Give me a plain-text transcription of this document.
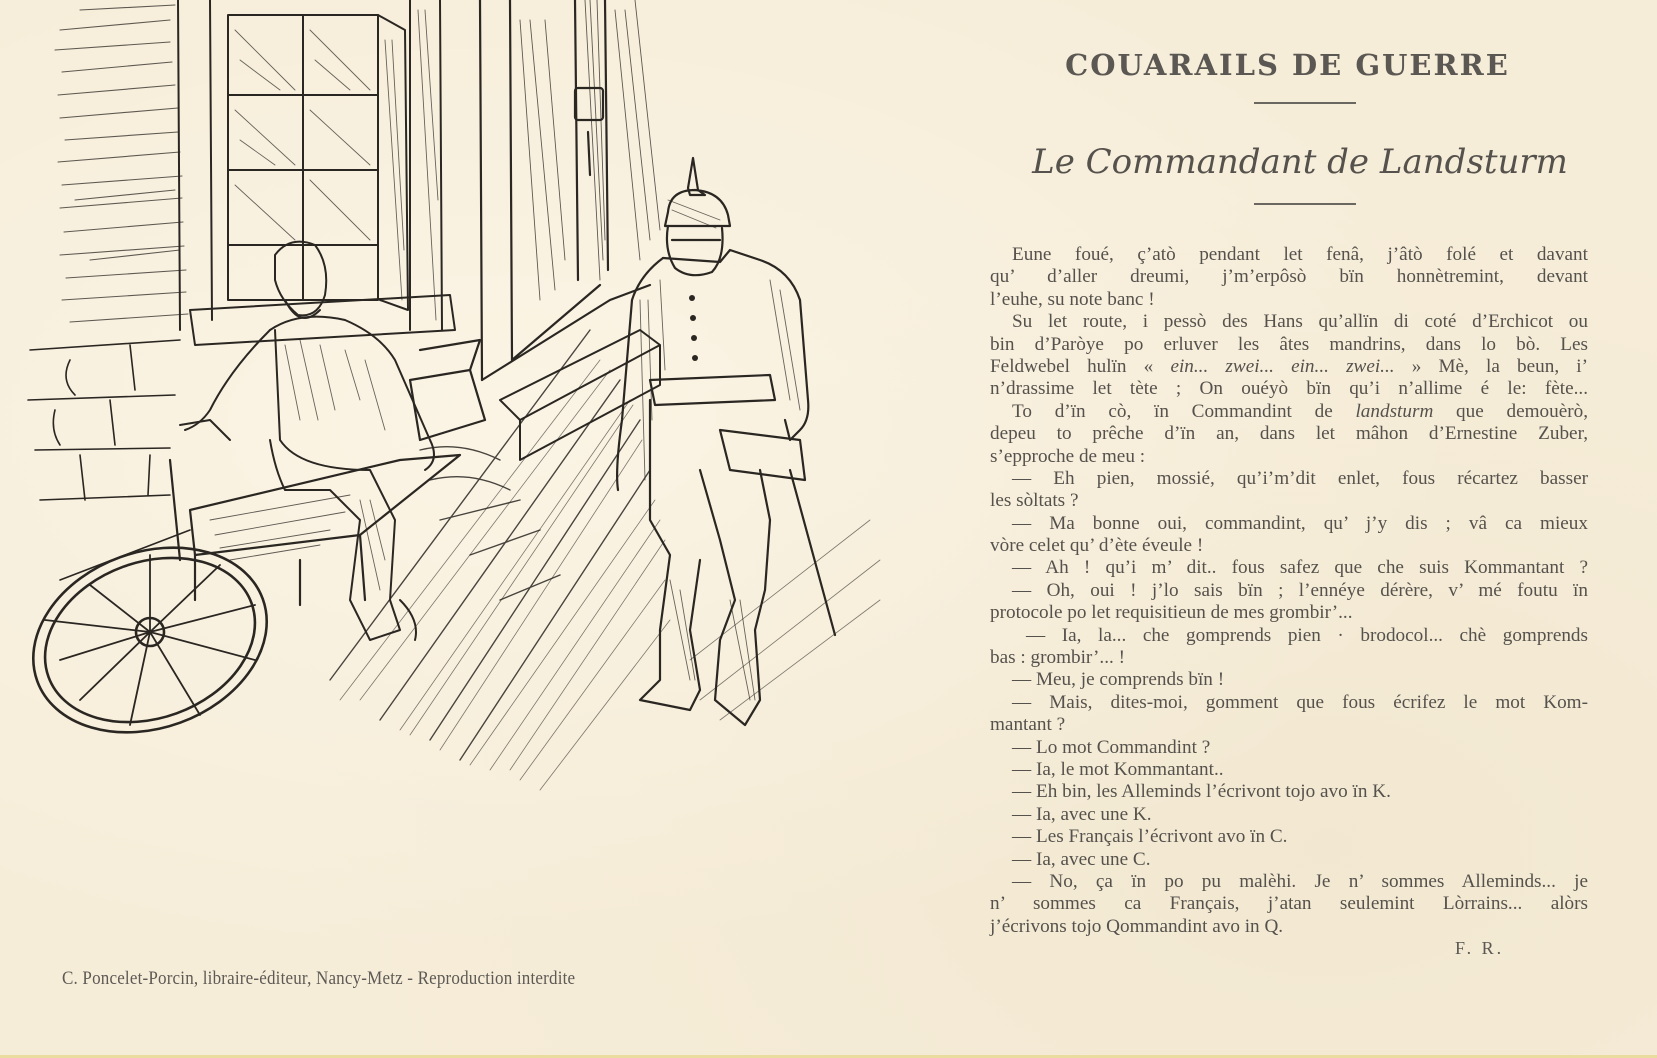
COUARAILS DE GUERRE
Le Commandant de Landsturm
Eune foué, ç’atò pendant let fenâ, j’âtò folé et davant
qu’ d’aller dreumi, j’m’erpôsò bïn honnètremint, devant
l’euhe, su note banc !
Su let route, i pessò des Hans qu’allïn di coté d’Erchicot ou
bin d’Paròye po erluver les âtes mandrins, dans lo bò. Les
Feldwebel hulïn « ein... zwei... ein... zwei... » Mè, la beun, i’
n’drassime let tète ; On ouéyò bïn qu’i n’allime é le: fète...
To d’ïn cò, ïn Commandint de landsturm que demouèrò,
depeu to prêche d’ïn an, dans let mâhon d’Ernestine Zuber,
s’epproche de meu :
— Eh pien, mossié, qu’i’m’dit enlet, fous récartez basser
les sòltats ?
— Ma bonne oui, commandint, qu’ j’y dis ; vâ ca mieux
vòre celet qu’ d’ète éveule !
— Ah ! qu’i m’ dit.. fous safez que che suis Kommantant ?
— Oh, oui ! j’lo sais bïn ; l’ennéye dérère, v’ mé foutu ïn
protocole po let requisitieun de mes grombir’...
— Ia, la... che gomprends pien · brodocol... chè gomprends
bas : grombir’... !
— Meu, je comprends bïn !
— Mais, dites-moi, gomment que fous écrifez le mot Kom-
mantant ?
— Lo mot Commandint ?
— Ia, le mot Kommantant..
— Eh bin, les Alleminds l’écrivont tojo avo ïn K.
— Ia, avec une K.
— Les Français l’écrivont avo ïn C.
— Ia, avec une C.
— No, ça ïn po pu malèhi. Je n’ sommes Alleminds... je
n’ sommes ca Français, j’atan seulemint Lòrrains... alòrs
j’écrivons tojo Qommandint avo in Q.
F. R.
C. Poncelet-Porcin, libraire-éditeur, Nancy-Metz - Reproduction interdite
